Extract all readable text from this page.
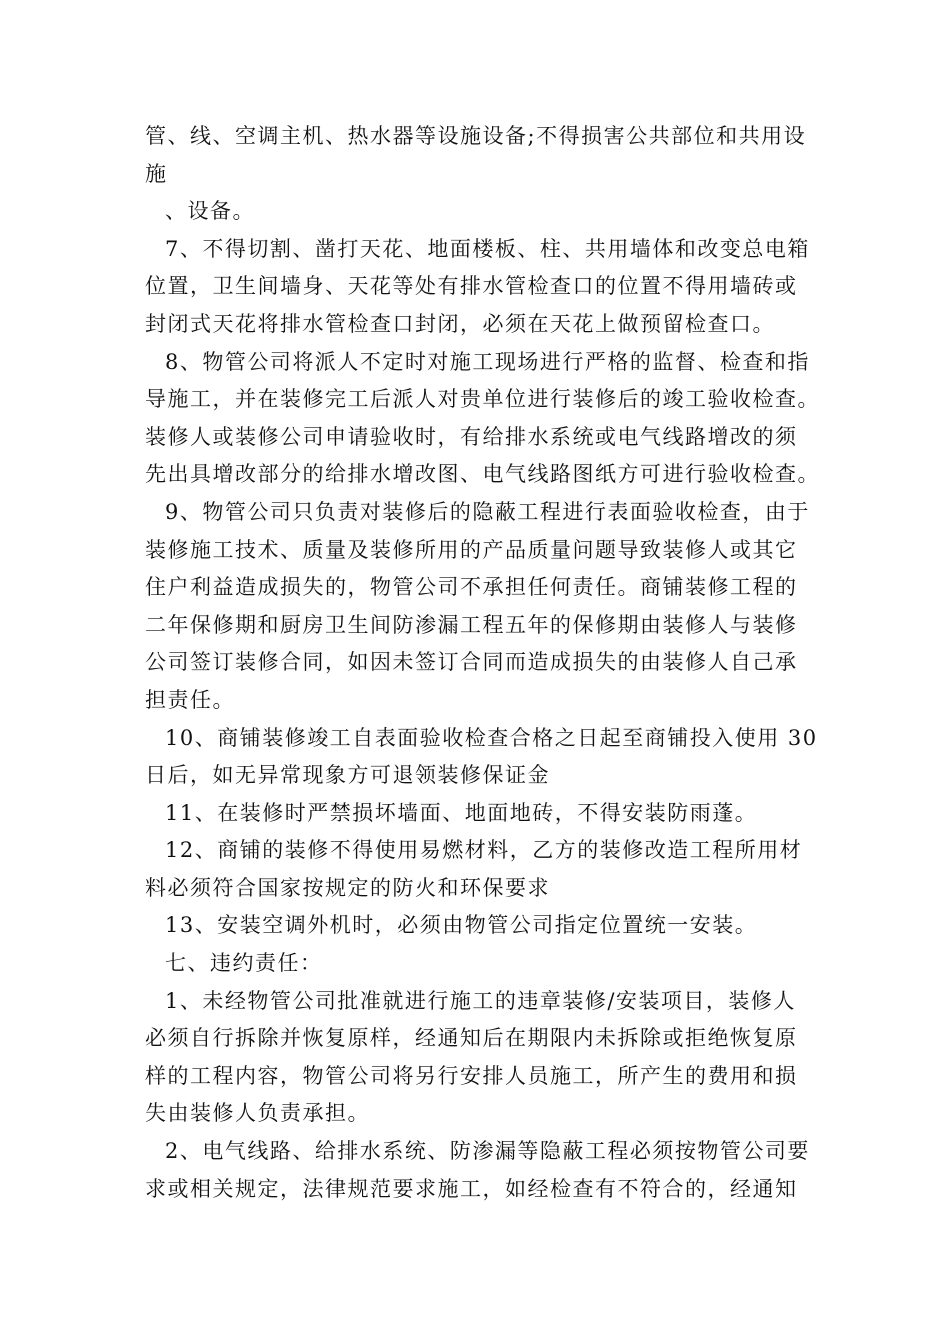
管、线、空调主机、热水器等设施设备;不得损害公共部位和共用设
施
、设备。
7、不得切割、凿打天花、地面楼板、柱、共用墙体和改变总电箱
位置，卫生间墙身、天花等处有排水管检查口的位置不得用墙砖或
封闭式天花将排水管检查口封闭，必须在天花上做预留检查口。
8、物管公司将派人不定时对施工现场进行严格的监督、检查和指
导施工，并在装修完工后派人对贵单位进行装修后的竣工验收检查。
装修人或装修公司申请验收时，有给排水系统或电气线路增改的须
先出具增改部分的给排水增改图、电气线路图纸方可进行验收检查。
9、物管公司只负责对装修后的隐蔽工程进行表面验收检查，由于
装修施工技术、质量及装修所用的产品质量问题导致装修人或其它
住户利益造成损失的，物管公司不承担任何责任。商铺装修工程的
二年保修期和厨房卫生间防渗漏工程五年的保修期由装修人与装修
公司签订装修合同，如因未签订合同而造成损失的由装修人自己承
担责任。
10、商铺装修竣工自表面验收检查合格之日起至商铺投入使用 30
日后，如无异常现象方可退领装修保证金
11、在装修时严禁损坏墙面、地面地砖，不得安装防雨蓬。
12、商铺的装修不得使用易燃材料，乙方的装修改造工程所用材
料必须符合国家按规定的防火和环保要求
13、安装空调外机时，必须由物管公司指定位置统一安装。
七、违约责任：
1、未经物管公司批准就进行施工的违章装修/安装项目，装修人
必须自行拆除并恢复原样，经通知后在期限内未拆除或拒绝恢复原
样的工程内容，物管公司将另行安排人员施工，所产生的费用和损
失由装修人负责承担。
2、电气线路、给排水系统、防渗漏等隐蔽工程必须按物管公司要
求或相关规定，法律规范要求施工，如经检查有不符合的，经通知
